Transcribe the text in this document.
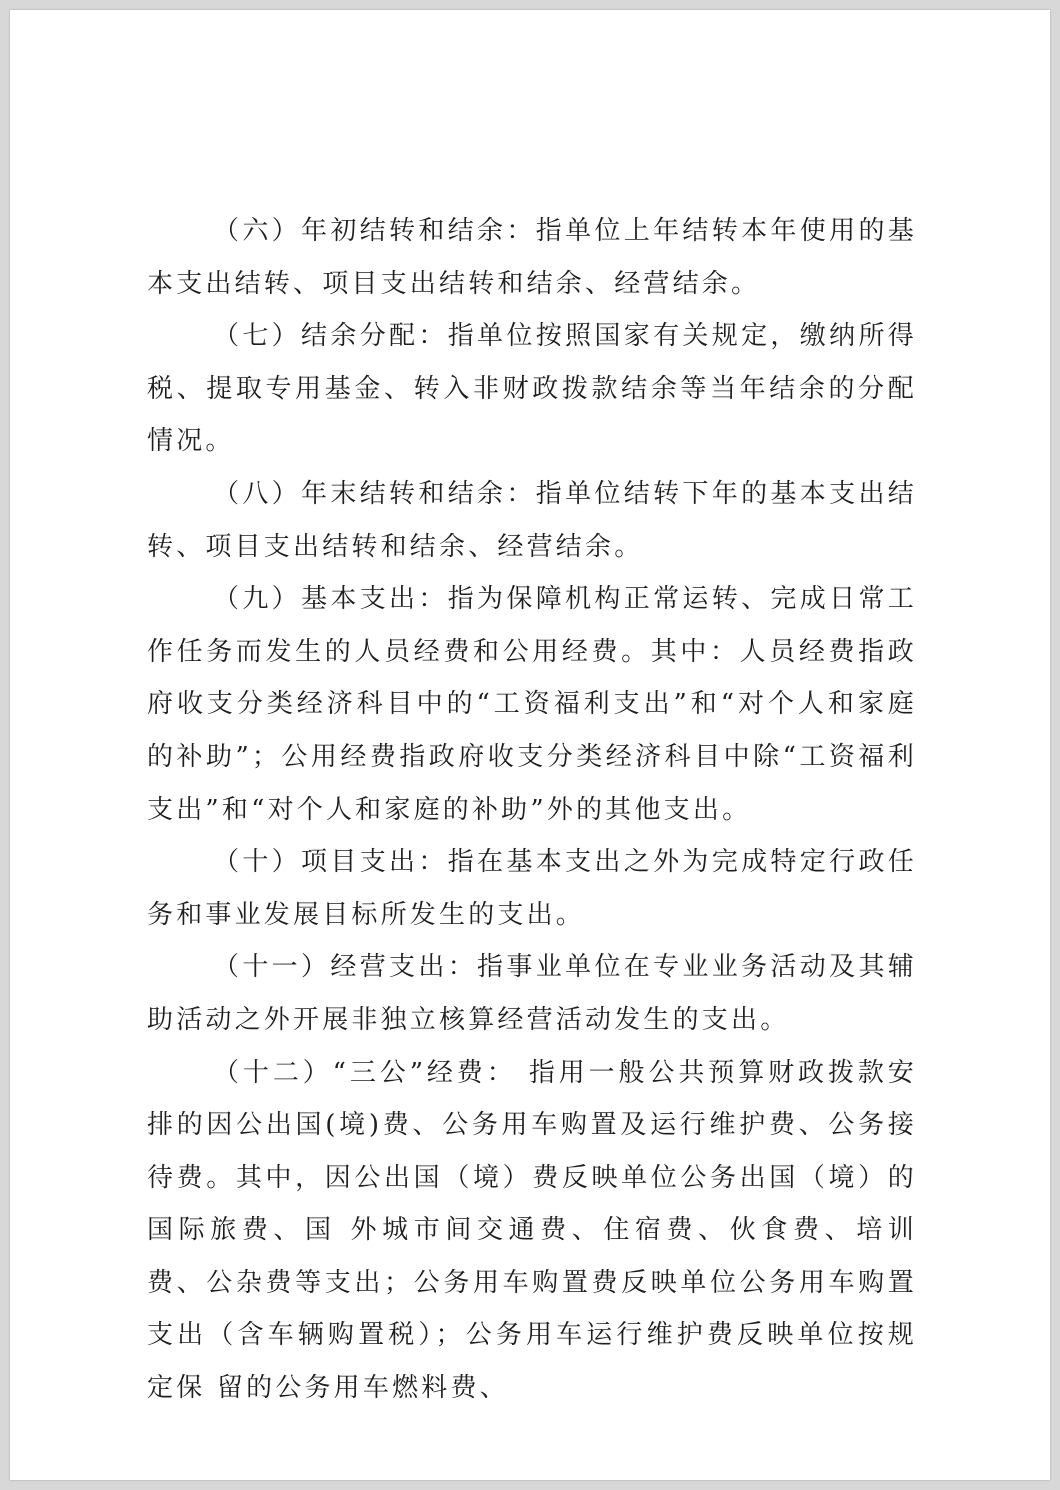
（六）年初结转和结余：指单位上年结转本年使用的基本支出结转、项目支出结转和结余、经营结余。

（七）结余分配：指单位按照国家有关规定，缴纳所得税、提取专用基金、转入非财政拨款结余等当年结余的分配情况。

（八）年末结转和结余：指单位结转下年的基本支出结转、项目支出结转和结余、经营结余。

（九）基本支出：指为保障机构正常运转、完成日常工作任务而发生的人员经费和公用经费。其中：人员经费指政府收支分类经济科目中的“工资福利支出”和“对个人和家庭的补助”；公用经费指政府收支分类经济科目中除“工资福利支出”和“对个人和家庭的补助”外的其他支出。

（十）项目支出：指在基本支出之外为完成特定行政任务和事业发展目标所发生的支出。

（十一）经营支出：指事业单位在专业业务活动及其辅助活动之外开展非独立核算经营活动发生的支出。

（十二）“三公”经费： 指用一般公共预算财政拨款安排的因公出国(境)费、公务用车购置及运行维护费、公务接待费。其中，因公出国（境）费反映单位公务出国（境）的国际旅费、国 外城市间交通费、住宿费、伙食费、培训费、公杂费等支出；公务用车购置费反映单位公务用车购置支出（含车辆购置税）；公务用车运行维护费反映单位按规定保 留的公务用车燃料费、
